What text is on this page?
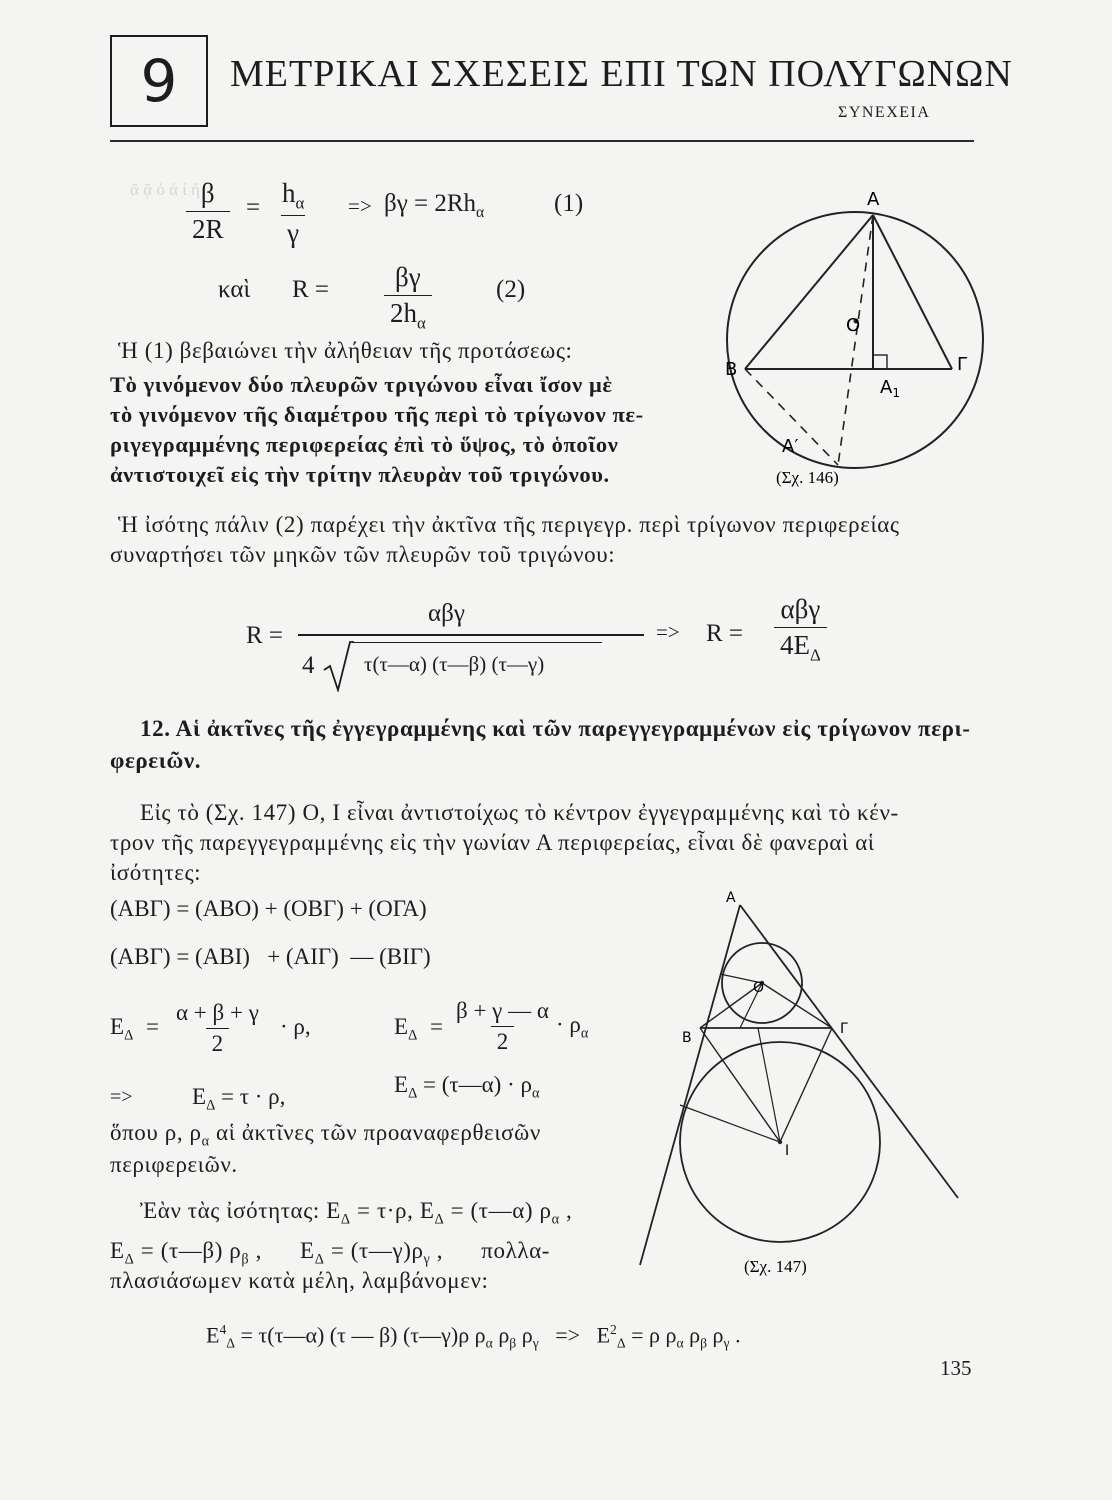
ᾶ ᾷ ὁ ά ί ἤ
9	ΜΕΤΡΙΚΑΙ ΣΧΕΣΕΙΣ ΕΠΙ ΤΩΝ ΠΟΛΥΓΩΝΩΝ
ΣΥΝΕΧΕΙΑ
$\frac{\beta}{2R} = \frac{h_\alpha}{\gamma} => \beta\gamma = 2Rh_\alpha$	(1)
καὶ $R = \frac{\beta\gamma}{2h_\alpha}$	(2)
Ἡ (1) βεβαιώνει τὴν ἀλήθειαν τῆς προτάσεως:
Τὸ γινόμενον δύο πλευρῶν τριγώνου εἶναι ἴσον μὲ
τὸ γινόμενον τῆς διαμέτρου τῆς περὶ τὸ τρίγωνον πε-
ριγεγραμμένης περιφερείας ἐπὶ τὸ ὕψος, τὸ ὁποῖον
ἀντιστοιχεῖ εἰς τὴν τρίτην πλευρὰν τοῦ τριγώνου.
A
B	Γ
O
$A_1$
A′
(Σχ. 146)
Ἡ ἰσότης πάλιν (2) παρέχει τὴν ἀκτῖνα τῆς περιγεγρ. περὶ τρίγωνον περιφερείας
συναρτήσει τῶν μηκῶν τῶν πλευρῶν τοῦ τριγώνου:
R =
αβγ
4 τ(τ—α) (τ—β) (τ—γ)
=> R =
αβγ
$4E_\Delta$
12. Αἱ ἀκτῖνες τῆς ἐγγεγραμμένης καὶ τῶν παρεγγεγραμμένων εἰς τρίγωνον περι-
φερειῶν.
Εἰς τὸ (Σχ. 147) O, I εἶναι ἀντιστοίχως τὸ κέντρον ἐγγεγραμμένης καὶ τὸ κέν-
τρον τῆς παρεγγεγραμμένης εἰς τὴν γωνίαν Α περιφερείας, εἶναι δὲ φανεραὶ αἱ
ἰσότητες:
(ΑΒΓ) = (ΑΒΟ) + (ΟΒΓ) + (ΟΓΑ)
(ΑΒΓ) = (ΑΒΙ)   + (ΑΙΓ)  — (ΒΙΓ)
$E_\Delta = \frac{\alpha + \beta + \gamma}{2} \cdot \rho$,	$E_\Delta = \frac{\beta + \gamma — \alpha}{2} \cdot \rho_\alpha$
=>	$E_\Delta = \tau \cdot \rho$,	$E_\Delta$ = (τ—α) · $\rho_\alpha$
ὅπου ρ, $\rho_\alpha$ αἱ ἀκτῖνες τῶν προαναφερθεισῶν
περιφερειῶν.
Ἐὰν τὰς ἰσότητας: $E_\Delta = \tau\cdot\rho$, $E_\Delta$ = (τ—α) $\rho_\alpha$ ,
$E_\Delta$ = (τ—β) $\rho_\beta$ ,      $E_\Delta$ = $(\tau—\gamma)\rho_\gamma$ ,      πολλα-
πλασιάσωμεν κατὰ μέλη, λαμβάνομεν:
$E^4_\Delta$ = τ(τ—α) (τ — β) (τ—γ)ρ $\rho_\alpha$ $\rho_\beta$ $\rho_\gamma => E^2_\Delta = \rho$ $\rho_\alpha$ $\rho_\beta$ $\rho_\gamma$ .
A
B
Γ
O
I
(Σχ. 147)
135
